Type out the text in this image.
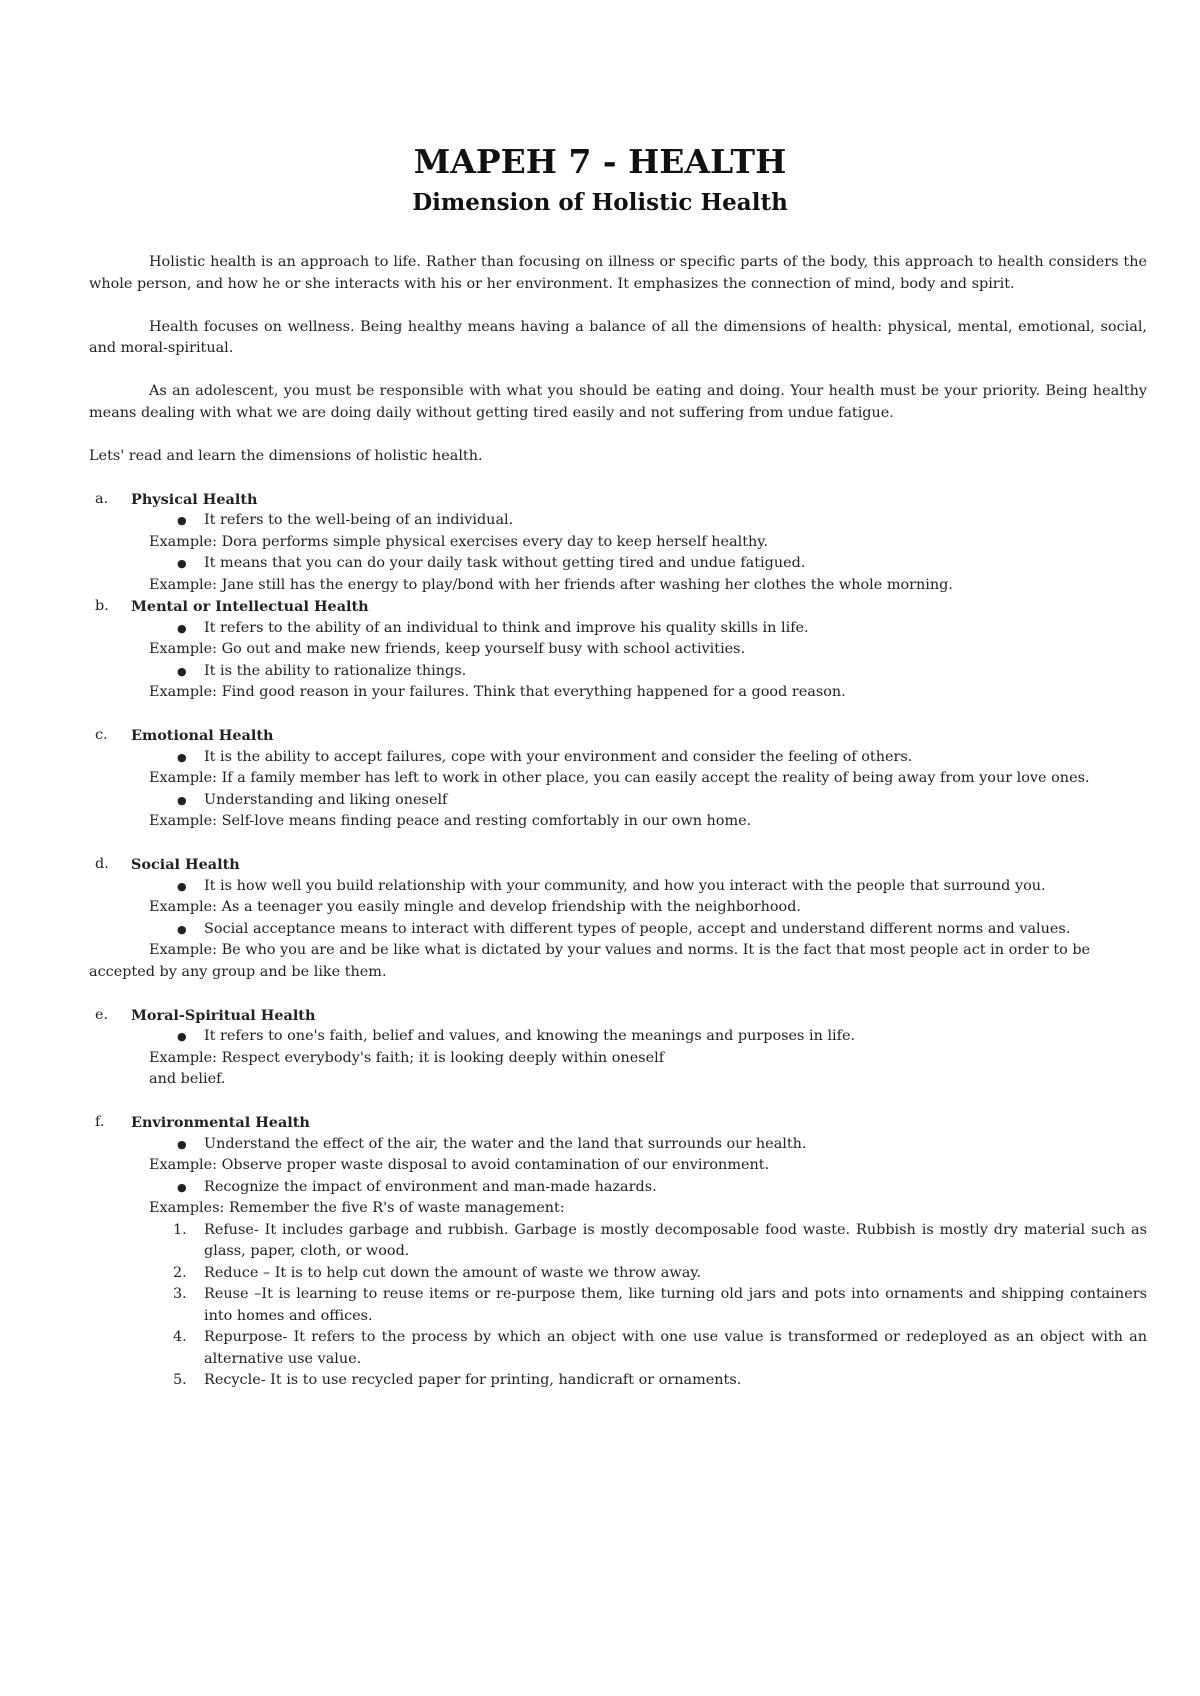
MAPEH 7 - HEALTH
Dimension of Holistic Health

Holistic health is an approach to life. Rather than focusing on illness or specific parts of the body, this approach to health considers the whole person, and how he or she interacts with his or her environment. It emphasizes the connection of mind, body and spirit.

Health focuses on wellness. Being healthy means having a balance of all the dimensions of health: physical, mental, emotional, social, and moral-spiritual.

As an adolescent, you must be responsible with what you should be eating and doing. Your health must be your priority. Being healthy means dealing with what we are doing daily without getting tired easily and not suffering from undue fatigue.

Lets' read and learn the dimensions of holistic health.

a. Physical Health

● It refers to the well-being of an individual.

Example: Dora performs simple physical exercises every day to keep herself healthy.

● It means that you can do your daily task without getting tired and undue fatigued.

Example: Jane still has the energy to play/bond with her friends after washing her clothes the whole morning.

b. Mental or Intellectual Health

● It refers to the ability of an individual to think and improve his quality skills in life.

Example: Go out and make new friends, keep yourself busy with school activities.

● It is the ability to rationalize things.

Example: Find good reason in your failures. Think that everything happened for a good reason.

c. Emotional Health

● It is the ability to accept failures, cope with your environment and consider the feeling of others.

Example: If a family member has left to work in other place, you can easily accept the reality of being away from your love ones.

● Understanding and liking oneself

Example: Self-love means finding peace and resting comfortably in our own home.

d. Social Health

● It is how well you build relationship with your community, and how you interact with the people that surround you.

Example: As a teenager you easily mingle and develop friendship with the neighborhood.

● Social acceptance means to interact with different types of people, accept and understand different norms and values.

Example: Be who you are and be like what is dictated by your values and norms. It is the fact that most people act in order to be accepted by any group and be like them.

e. Moral-Spiritual Health

● It refers to one's faith, belief and values, and knowing the meanings and purposes in life.

Example: Respect everybody's faith; it is looking deeply within oneself

and belief.

f. Environmental Health

● Understand the effect of the air, the water and the land that surrounds our health.

Example: Observe proper waste disposal to avoid contamination of our environment.

● Recognize the impact of environment and man-made hazards.

Examples: Remember the five R's of waste management:

1. Refuse- It includes garbage and rubbish. Garbage is mostly decomposable food waste. Rubbish is mostly dry material such as glass, paper, cloth, or wood.

2. Reduce – It is to help cut down the amount of waste we throw away.

3. Reuse –It is learning to reuse items or re-purpose them, like turning old jars and pots into ornaments and shipping containers into homes and offices.

4. Repurpose- It refers to the process by which an object with one use value is transformed or redeployed as an object with an alternative use value.

5. Recycle- It is to use recycled paper for printing, handicraft or ornaments.
